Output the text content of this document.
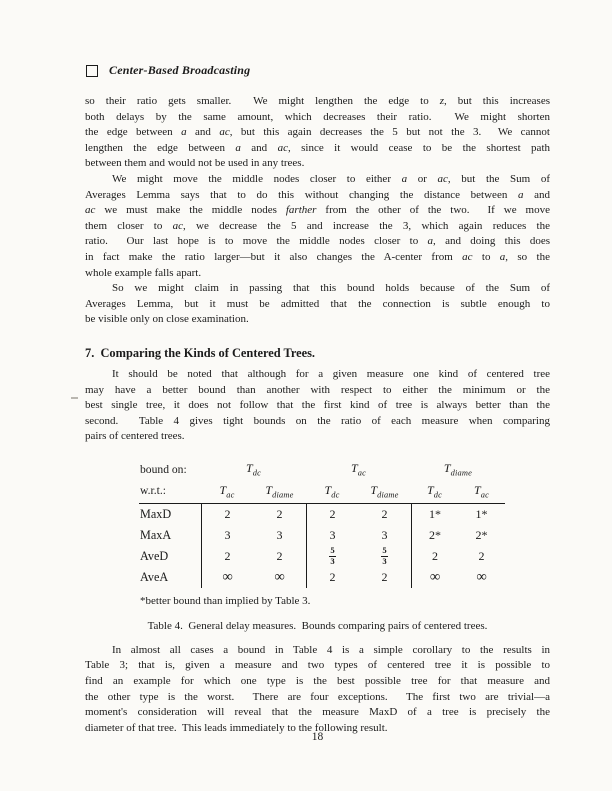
Center-Based Broadcasting
so their ratio gets smaller.  We might lengthen the edge to z, but this increases
both delays by the same amount, which decreases their ratio.  We might shorten
the edge between a and ac, but this again decreases the 5 but not the 3.  We cannot
lengthen the edge between a and ac, since it would cease to be the shortest path
between them and would not be used in any trees.
We might move the middle nodes closer to either a or ac, but the Sum of
Averages Lemma says that to do this without changing the distance between a and
ac we must make the middle nodes farther from the other of the two.  If we move
them closer to ac, we decrease the 5 and increase the 3, which again reduces the
ratio.  Our last hope is to move the middle nodes closer to a, and doing this does
in fact make the ratio larger—but it also changes the A-center from ac to a, so the
whole example falls apart.
So we might claim in passing that this bound holds because of the Sum of
Averages Lemma, but it must be admitted that the connection is subtle enough to
be visible only on close examination.
7.  Comparing the Kinds of Centered Trees.
It should be noted that although for a given measure one kind of centered tree
may have a better bound than another with respect to either the minimum or the
best single tree, it does not follow that the first kind of tree is always better than the
second.  Table 4 gives tight bounds on the ratio of each measure when comparing
pairs of centered trees.
bound on:	$T_{dc}$	$T_{ac}$	$T_{diame}$
w.r.t.:	$T_{ac}$	$T_{diame}$	$T_{dc}$	$T_{diame}$ $T_{dc}$	$T_{ac}$
MaxD	2	2	2	2	1*	1*
MaxA	3	3	3	3	2*	2*
AveD	2	2	$\frac{5}{3}$	$\frac{5}{3}$	2	2
AveA	∞	∞	2	2	∞ ∞
*better bound than implied by Table 3.
Table 4.  General delay measures.  Bounds comparing pairs of centered trees.
In almost all cases a bound in Table 4 is a simple corollary to the results in
Table 3; that is, given a measure and two types of centered tree it is possible to
find an example for which one type is the best possible tree for that measure and
the other type is the worst.  There are four exceptions.  The first two are trivial—a
moment's consideration will reveal that the measure MaxD of a tree is precisely the
diameter of that tree.  This leads immediately to the following result.
18
